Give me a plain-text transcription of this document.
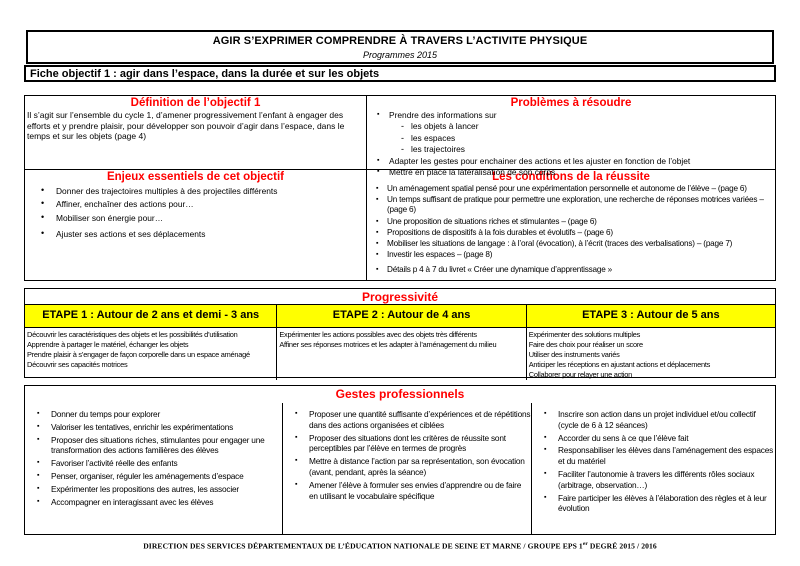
AGIR S’EXPRIMER COMPRENDRE À TRAVERS L’ACTIVITE PHYSIQUE
Programmes 2015
Fiche objectif 1 : agir dans l’espace, dans la durée et sur les objets
Définition de l’objectif 1
Il s’agit sur l’ensemble du cycle 1, d’amener progressivement l’enfant à engager des efforts et y prendre plaisir, pour développer son pouvoir d’agir dans l’espace, dans le temps et sur les objets (page 4)
Problèmes à résoudre
▪ Prendre des informations sur
- les objets à lancer
- les espaces
- les trajectoires
▪ Adapter les gestes pour enchainer des actions et les ajuster en fonction de l’objet
▪ Mettre en place la latéralisation de son corps
Enjeux essentiels de cet objectif
• Donner des trajectoires multiples à des projectiles différents
• Affiner, enchaîner des actions pour…
• Mobiliser son énergie pour…
• Ajuster ses actions et ses déplacements
Les conditions de la réussite
▪ Un aménagement spatial pensé pour une expérimentation personnelle et autonome de l’élève – (page 6)
▪ Un temps suffisant de pratique pour permettre une exploration, une recherche de réponses motrices variées – (page 6)
▪ Une proposition de situations riches et stimulantes – (page 6)
▪ Propositions de dispositifs à la fois durables et évolutifs – (page 6)
▪ Mobiliser les situations de langage : à l’oral (évocation), à l’écrit (traces des verbalisations) – (page 7)
▪ Investir les espaces – (page 8)
▪ Détails p 4 à 7 du livret « Créer une dynamique d’apprentissage »
Progressivité
ETAPE 1 : Autour de 2 ans et demi - 3 ans	ETAPE 2 : Autour de 4 ans	ETAPE 3 : Autour de 5 ans
Découvrir les caractéristiques des objets et les possibilités d’utilisation
Apprendre à partager le matériel, échanger les objets
Prendre plaisir à s’engager de façon corporelle dans un espace aménagé
Découvrir ses capacités motrices
Expérimenter les actions possibles avec des objets très différents
Affiner ses réponses motrices et les adapter à l’aménagement du milieu
Expérimenter des solutions multiples
Faire des choix pour réaliser un score
Utiliser des instruments variés
Anticiper les réceptions en ajustant actions et déplacements
Collaborer pour relayer une action
Gestes professionnels
▪ Donner du temps pour explorer
▪ Valoriser les tentatives, enrichir les expérimentations
▪ Proposer des situations riches, stimulantes pour engager une transformation des actions familières des élèves
▪ Favoriser l’activité réelle des enfants
▪ Penser, organiser, réguler les aménagements d’espace
▪ Expérimenter les propositions des autres, les associer
▪ Accompagner en interagissant avec les élèves
▪ Proposer une quantité suffisante d’expériences et de répétitions dans des actions organisées et ciblées
▪ Proposer des situations dont les critères de réussite sont perceptibles par l’élève en termes de progrès
▪ Mettre à distance l’action par sa représentation, son évocation (avant, pendant, après la séance)
▪ Amener l’élève à formuler ses envies d’apprendre ou de faire en utilisant le vocabulaire spécifique
▪ Inscrire son action dans un projet individuel et/ou collectif (cycle de 6 à 12 séances)
▪ Accorder du sens à ce que l’élève fait
▪ Responsabiliser les élèves dans l’aménagement des espaces et du matériel
▪ Faciliter l’autonomie à travers les différents rôles sociaux (arbitrage, observation…)
▪ Faire participer les élèves à l’élaboration des règles et à leur évolution
DIRECTION DES SERVICES DÉPARTEMENTAUX DE L’ÉDUCATION NATIONALE DE SEINE ET MARNE / GROUPE EPS 1er DEGRÉ 2015 / 2016
